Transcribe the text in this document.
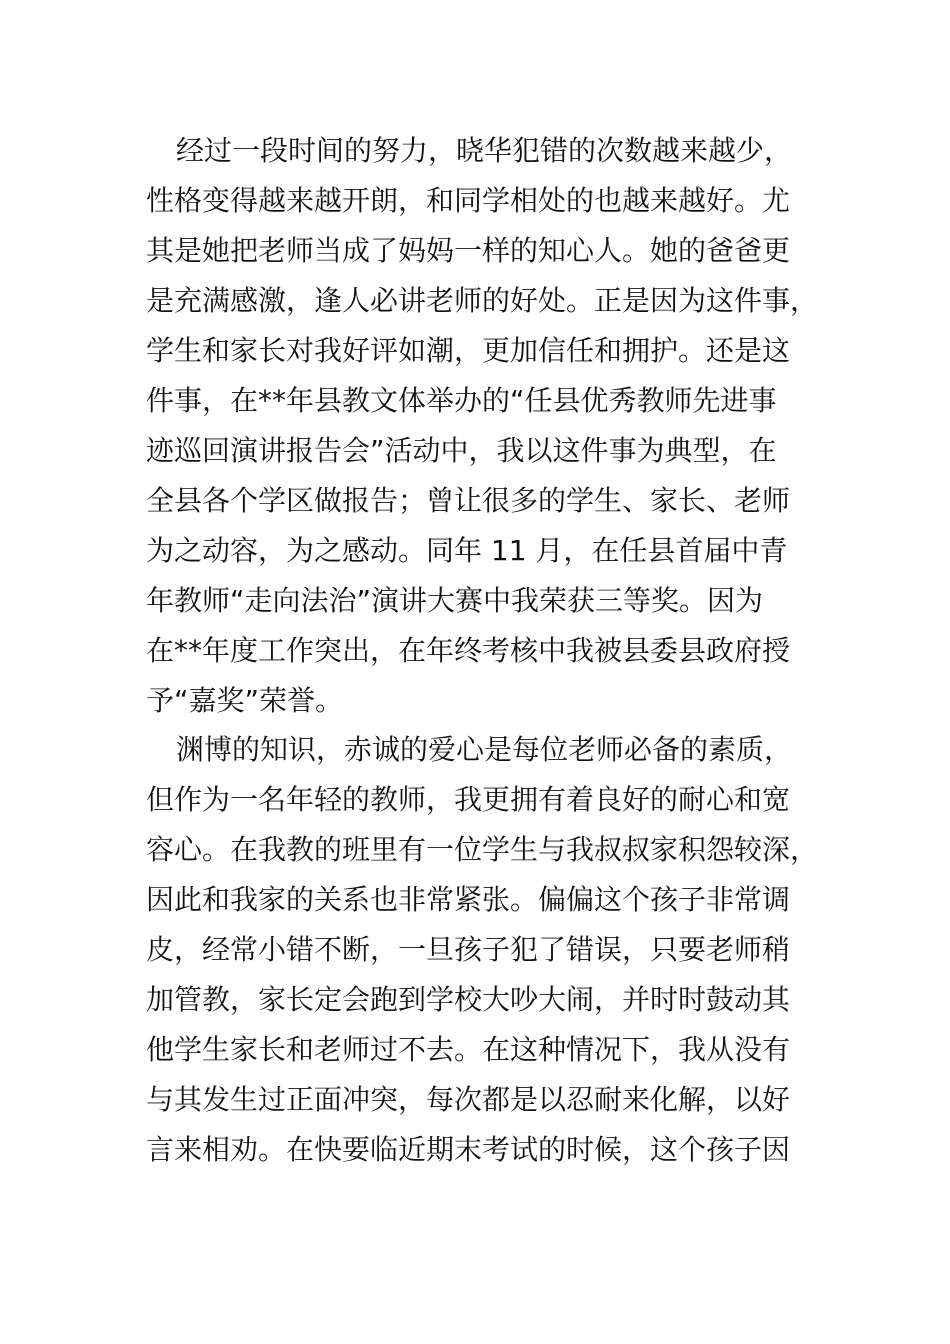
经过一段时间的努力，晓华犯错的次数越来越少，
性格变得越来越开朗，和同学相处的也越来越好。尤
其是她把老师当成了妈妈一样的知心人。她的爸爸更
是充满感激，逢人必讲老师的好处。正是因为这件事，
学生和家长对我好评如潮，更加信任和拥护。还是这
件事，在**年县教文体举办的“任县优秀教师先进事
迹巡回演讲报告会”活动中，我以这件事为典型，在
全县各个学区做报告；曾让很多的学生、家长、老师
为之动容，为之感动。同年 11 月，在任县首届中青
年教师“走向法治”演讲大赛中我荣获三等奖。因为
在**年度工作突出，在年终考核中我被县委县政府授
予“嘉奖”荣誉。
渊博的知识，赤诚的爱心是每位老师必备的素质，
但作为一名年轻的教师，我更拥有着良好的耐心和宽
容心。在我教的班里有一位学生与我叔叔家积怨较深，
因此和我家的关系也非常紧张。偏偏这个孩子非常调
皮，经常小错不断，一旦孩子犯了错误，只要老师稍
加管教，家长定会跑到学校大吵大闹，并时时鼓动其
他学生家长和老师过不去。在这种情况下，我从没有
与其发生过正面冲突，每次都是以忍耐来化解，以好
言来相劝。在快要临近期末考试的时候，这个孩子因
